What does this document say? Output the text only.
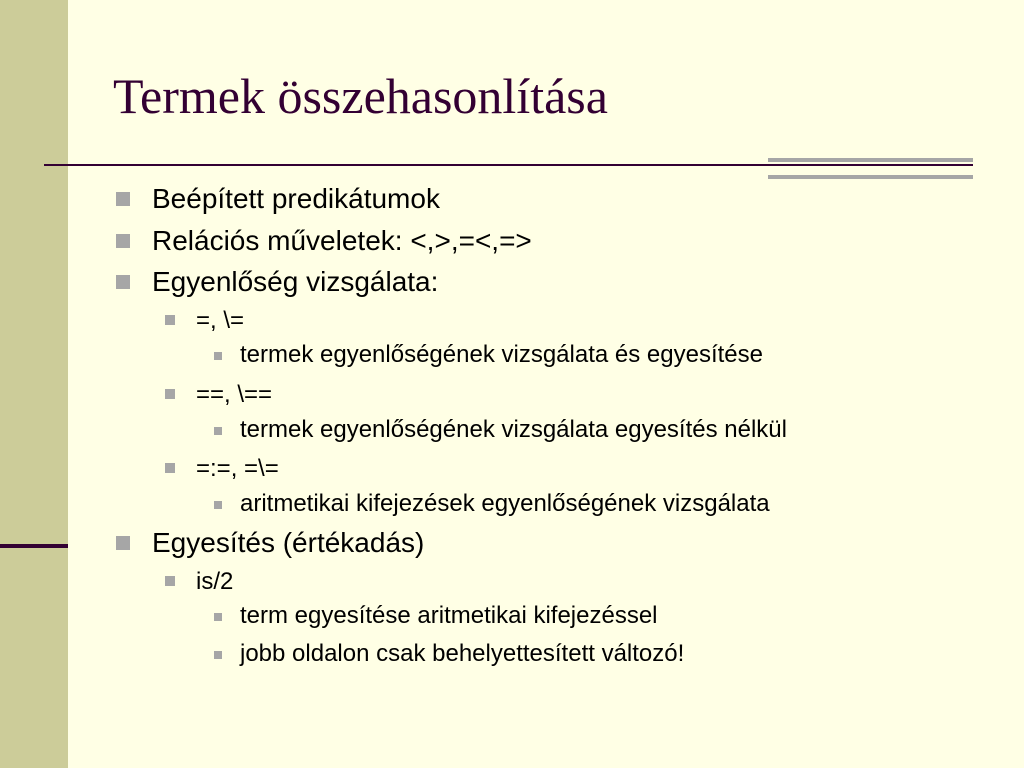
Termek összehasonlítása
Beépített predikátumok
Relációs műveletek: <,>,=<,=>
Egyenlőség vizsgálata:
=, \=
termek egyenlőségének vizsgálata és egyesítése
==, \==
termek egyenlőségének vizsgálata egyesítés nélkül
=:=, =\=
aritmetikai kifejezések egyenlőségének vizsgálata
Egyesítés (értékadás)
is/2
term egyesítése aritmetikai kifejezéssel
jobb oldalon csak behelyettesített változó!
